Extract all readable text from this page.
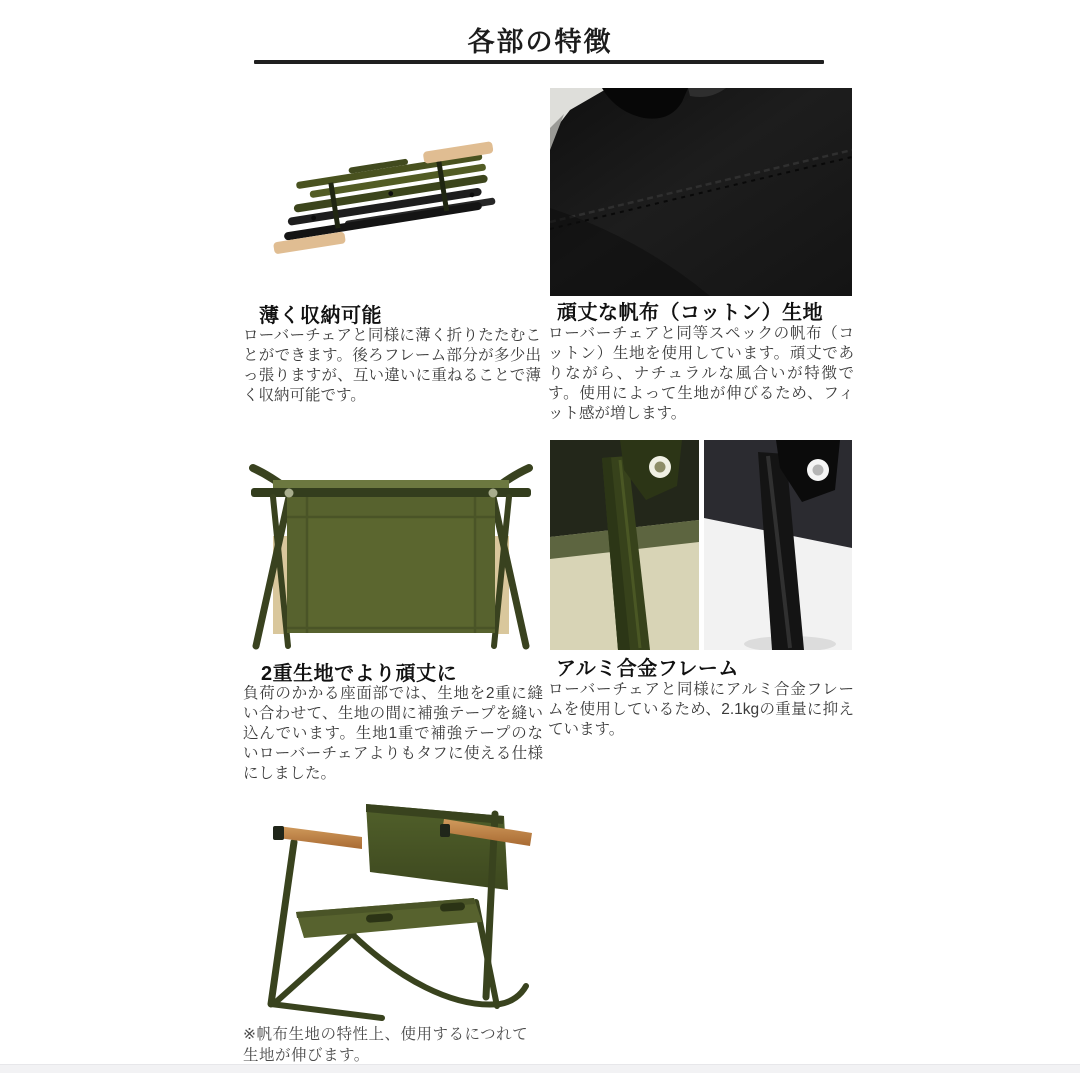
各部の特徴
薄く収納可能
ローバーチェアと同様に薄く折りたたむことができます。後ろフレーム部分が多少出っ張りますが、互い違いに重ねることで薄く収納可能です。
頑丈な帆布（コットン）生地
ローバーチェアと同等スペックの帆布（コットン）生地を使用しています。頑丈でありながら、ナチュラルな風合いが特徴です。使用によって生地が伸びるため、フィット感が増します。
2重生地でより頑丈に
負荷のかかる座面部では、生地を2重に縫い合わせて、生地の間に補強テープを縫い込んでいます。生地1重で補強テープのないローバーチェアよりもタフに使える仕様にしました。
アルミ合金フレーム
ローバーチェアと同様にアルミ合金フレームを使用しているため、2.1kgの重量に抑えています。
※帆布生地の特性上、使用するにつれて
生地が伸びます。
